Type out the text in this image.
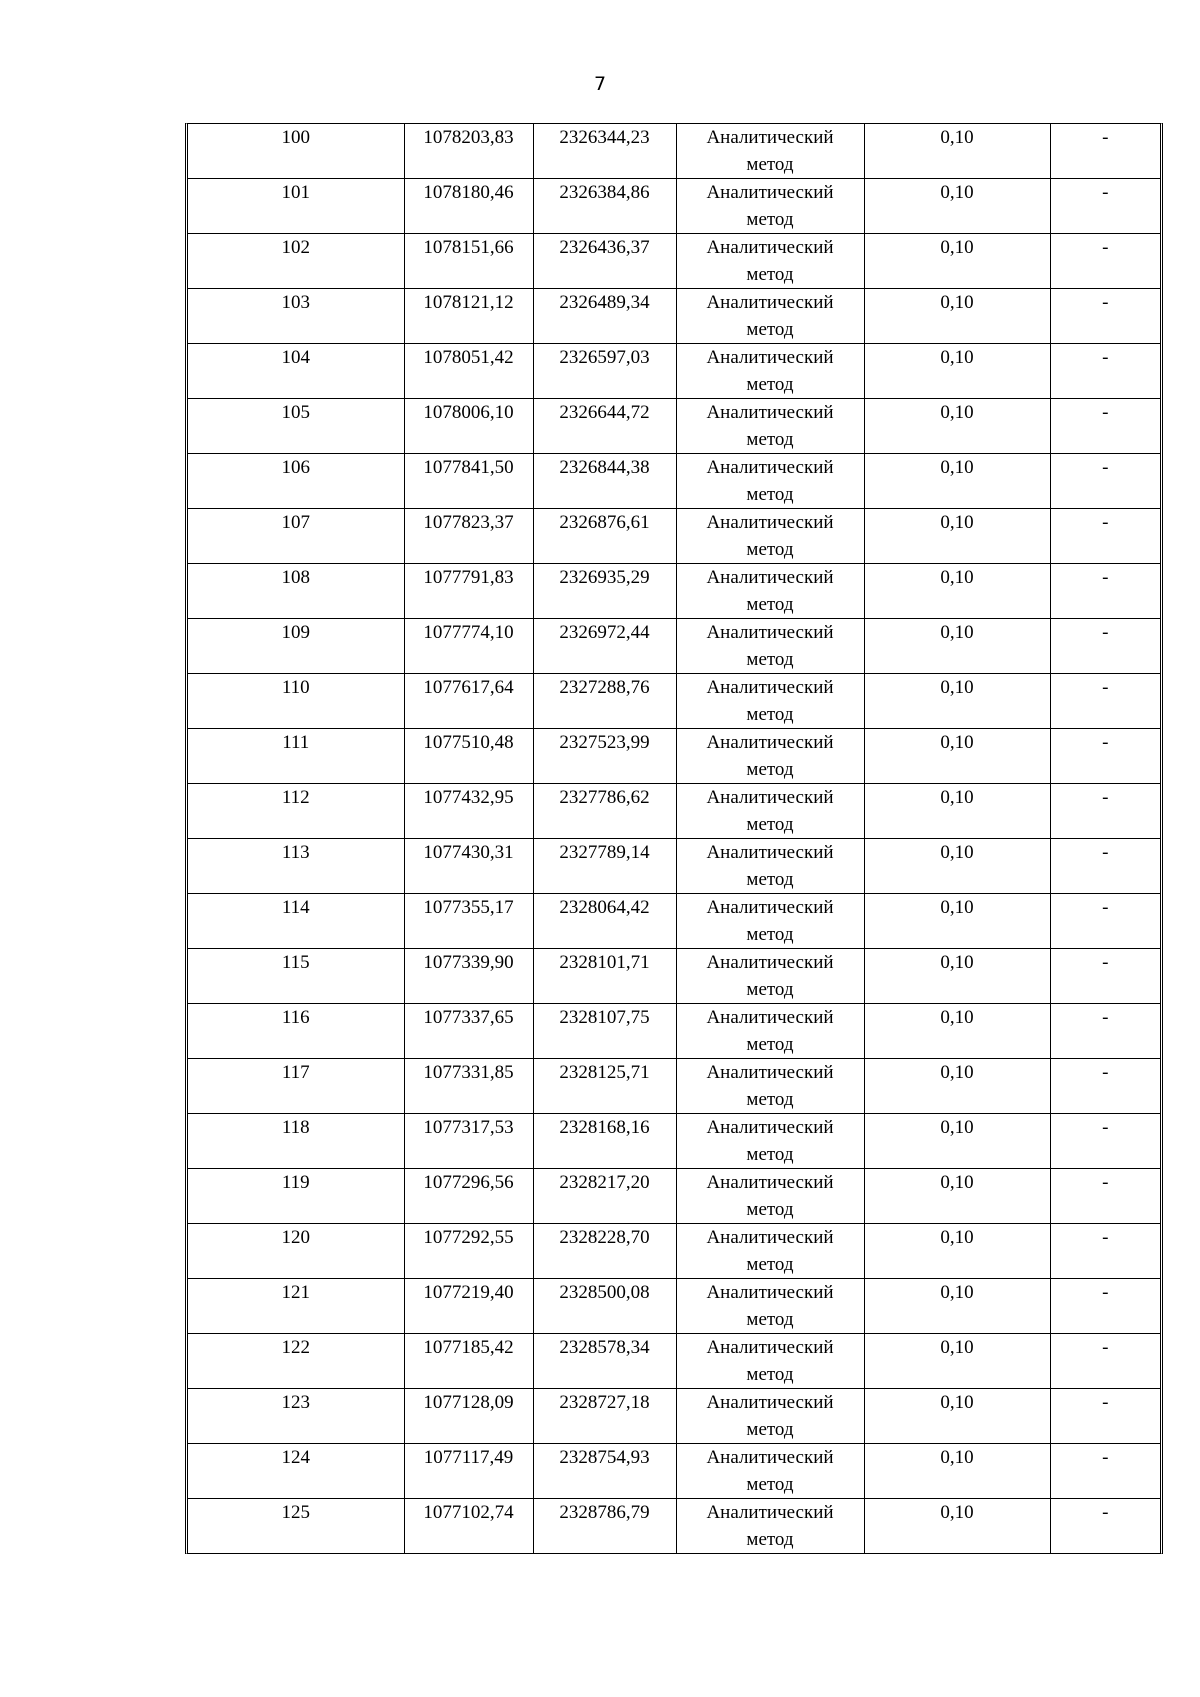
7
100	1078203,83	2326344,23	Аналитический
метод	0,10	-

101	1078180,46	2326384,86	Аналитический
метод	0,10	-

102	1078151,66	2326436,37	Аналитический
метод	0,10	-

103	1078121,12	2326489,34	Аналитический
метод	0,10	-

104	1078051,42	2326597,03	Аналитический
метод	0,10	-

105	1078006,10	2326644,72	Аналитический
метод	0,10	-

106	1077841,50	2326844,38	Аналитический
метод	0,10	-

107	1077823,37	2326876,61	Аналитический
метод	0,10	-

108	1077791,83	2326935,29	Аналитический
метод	0,10	-

109	1077774,10	2326972,44	Аналитический
метод	0,10	-

110	1077617,64	2327288,76	Аналитический
метод	0,10	-

111	1077510,48	2327523,99	Аналитический
метод	0,10	-

112	1077432,95	2327786,62	Аналитический
метод	0,10	-

113	1077430,31	2327789,14	Аналитический
метод	0,10	-

114	1077355,17	2328064,42	Аналитический
метод	0,10	-

115	1077339,90	2328101,71	Аналитический
метод	0,10	-

116	1077337,65	2328107,75	Аналитический
метод	0,10	-

117	1077331,85	2328125,71	Аналитический
метод	0,10	-

118	1077317,53	2328168,16	Аналитический
метод	0,10	-

119	1077296,56	2328217,20	Аналитический
метод	0,10	-

120	1077292,55	2328228,70	Аналитический
метод	0,10	-

121	1077219,40	2328500,08	Аналитический
метод	0,10	-

122	1077185,42	2328578,34	Аналитический
метод	0,10	-

123	1077128,09	2328727,18	Аналитический
метод	0,10	-

124	1077117,49	2328754,93	Аналитический
метод	0,10	-

125	1077102,74	2328786,79	Аналитический
метод	0,10	-
